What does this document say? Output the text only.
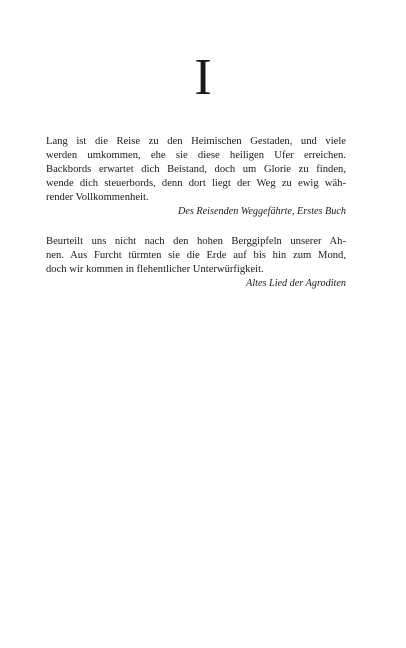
I
Lang ist die Reise zu den Heimischen Gestaden, und viele
werden umkommen, ehe sie diese heiligen Ufer erreichen.
Backbords erwartet dich Beistand, doch um Glorie zu finden,
wende dich steuerbords, denn dort liegt der Weg zu ewig wäh-
render Vollkommenheit.
Des Reisenden Weggefährte, Erstes Buch
Beurteilt uns nicht nach den hohen Berggipfeln unserer Ah-
nen. Aus Furcht türmten sie die Erde auf bis hin zum Mond,
doch wir kommen in flehentlicher Unterwürfigkeit.
Altes Lied der Agroditen
